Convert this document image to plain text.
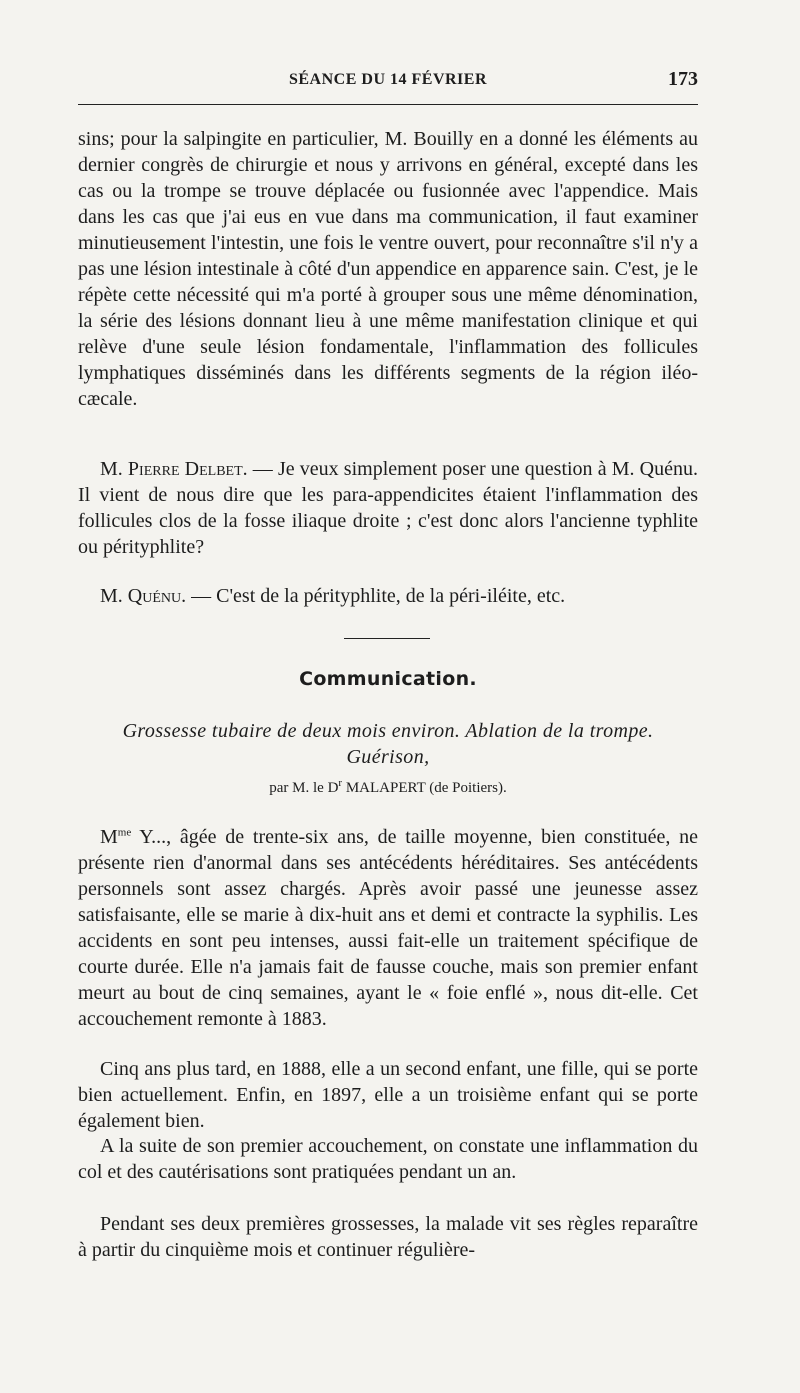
SÉANCE DU 14 FÉVRIER	173

sins; pour la salpingite en particulier, M. Bouilly en a donné les éléments au dernier congrès de chirurgie et nous y arrivons en général, excepté dans les cas ou la trompe se trouve déplacée ou fusionnée avec l'appendice. Mais dans les cas que j'ai eus en vue dans ma communication, il faut examiner minutieusement l'intestin, une fois le ventre ouvert, pour reconnaître s'il n'y a pas une lésion intestinale à côté d'un appendice en apparence sain. C'est, je le répète cette nécessité qui m'a porté à grouper sous une même dénomination, la série des lésions donnant lieu à une même manifestation clinique et qui relève d'une seule lésion fondamentale, l'inflammation des follicules lymphatiques disséminés dans les différents segments de la région iléo-cæcale.

M. Pierre Delbet. — Je veux simplement poser une question à M. Quénu. Il vient de nous dire que les para-appendicites étaient l'inflammation des follicules clos de la fosse iliaque droite ; c'est donc alors l'ancienne typhlite ou pérityphlite?

M. Quénu. — C'est de la pérityphlite, de la péri-iléite, etc.

Communication.
Grossesse tubaire de deux mois environ. Ablation de la trompe.
Guérison,
par M. le $D^r$ MALAPERT (de Poitiers).

$M^{me}$ Y..., âgée de trente-six ans, de taille moyenne, bien constituée, ne présente rien d'anormal dans ses antécédents héréditaires. Ses antécédents personnels sont assez chargés. Après avoir passé une jeunesse assez satisfaisante, elle se marie à dix-huit ans et demi et contracte la syphilis. Les accidents en sont peu intenses, aussi fait-elle un traitement spécifique de courte durée. Elle n'a jamais fait de fausse couche, mais son premier enfant meurt au bout de cinq semaines, ayant le « foie enflé », nous dit-elle. Cet accouchement remonte à 1883.

Cinq ans plus tard, en 1888, elle a un second enfant, une fille, qui se porte bien actuellement. Enfin, en 1897, elle a un troisième enfant qui se porte également bien.

A la suite de son premier accouchement, on constate une inflammation du col et des cautérisations sont pratiquées pendant un an.

Pendant ses deux premières grossesses, la malade vit ses règles reparaître à partir du cinquième mois et continuer régulière-
